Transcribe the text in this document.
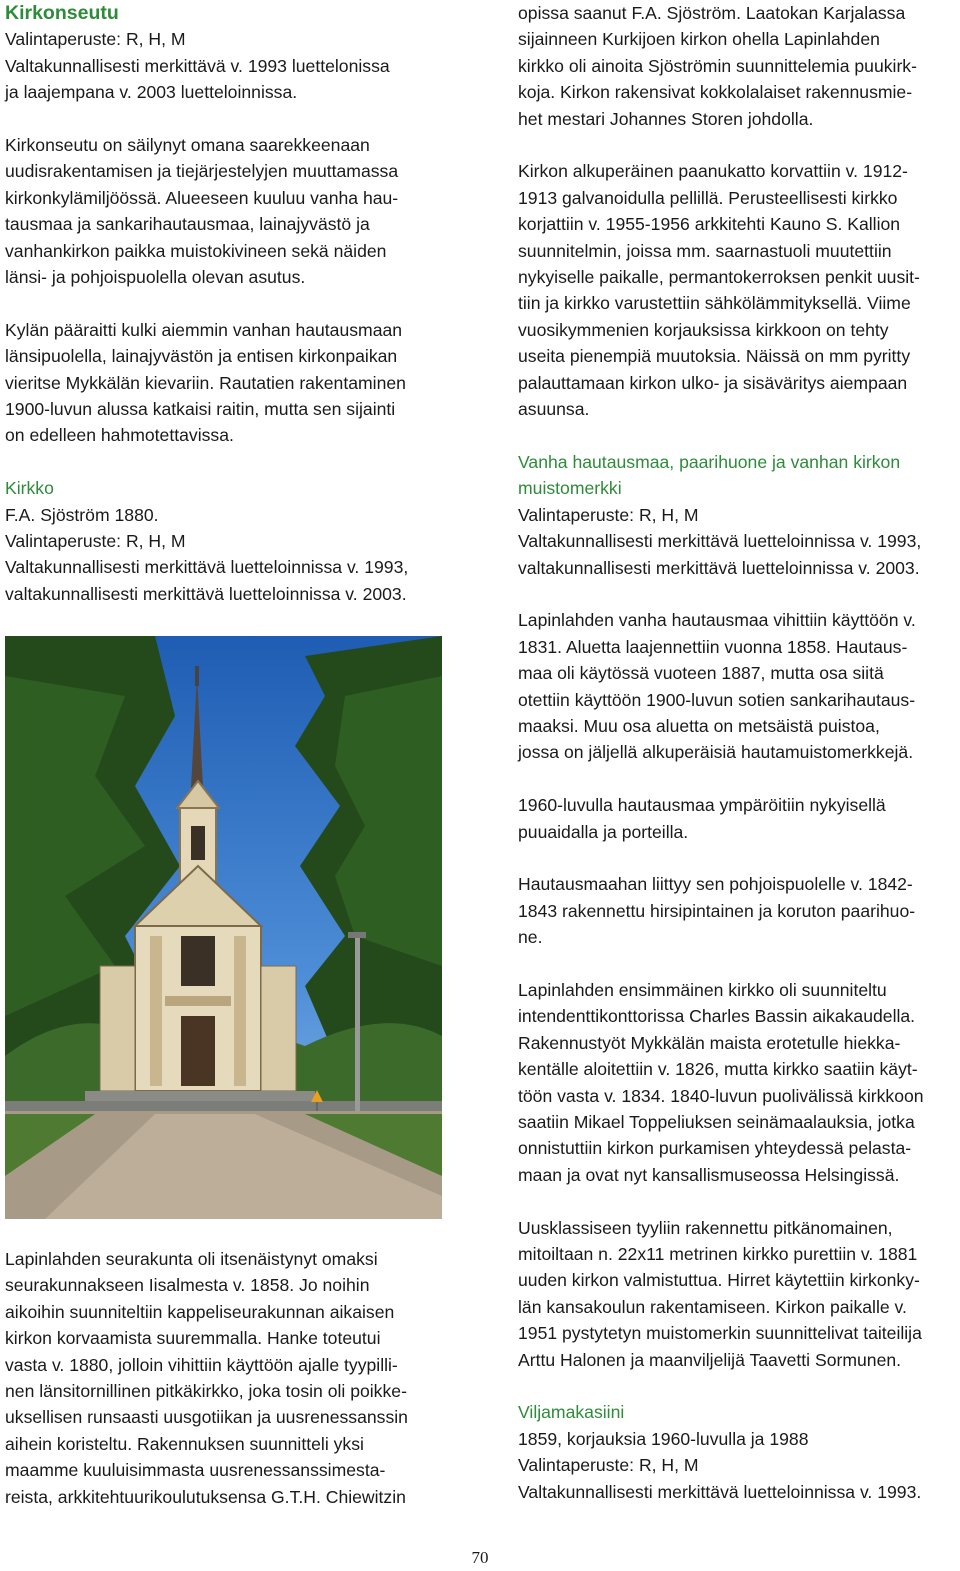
Kirkonseutu

Valintaperuste: R, H, M

Valtakunnallisesti merkittävä v. 1993 luettelonissa

ja laajempana v. 2003 luetteloinnissa.

Kirkonseutu on säilynyt omana saarekkeenaan

uudisrakentamisen ja tiejärjestelyjen muuttamassa

kirkonkylämiljöössä. Alueeseen kuuluu vanha hau-

tausmaa ja sankarihautausmaa, lainajyvästö ja

vanhankirkon paikka muistokivineen sekä näiden

länsi- ja pohjoispuolella olevan asutus.

Kylän pääraitti kulki aiemmin vanhan hautausmaan

länsipuolella, lainajyvästön ja entisen kirkonpaikan

vieritse Mykkälän kievariin. Rautatien rakentaminen

1900-luvun alussa katkaisi raitin, mutta sen sijainti

on edelleen hahmotettavissa.

Kirkko

F.A. Sjöström 1880.

Valintaperuste: R, H, M

Valtakunnallisesti merkittävä luetteloinnissa v. 1993,

valtakunnallisesti merkittävä luetteloinnissa v. 2003.

Lapinlahden seurakunta oli itsenäistynyt omaksi

seurakunnakseen Iisalmesta v. 1858. Jo noihin

aikoihin suunniteltiin kappeliseurakunnan aikaisen

kirkon korvaamista suuremmalla. Hanke toteutui

vasta v. 1880, jolloin vihittiin käyttöön ajalle tyypilli-

nen länsitornillinen pitkäkirkko, joka tosin oli poikke-

uksellisen runsaasti uusgotiikan ja uusrenessanssin

aihein koristeltu. Rakennuksen suunnitteli yksi

maamme kuuluisimmasta uusrenessanssimesta-

reista, arkkitehtuurikoulutuksensa G.T.H. Chiewitzin

opissa saanut F.A. Sjöström. Laatokan Karjalassa

sijainneen Kurkijoen kirkon ohella Lapinlahden

kirkko oli ainoita Sjöströmin suunnittelemia puukirk-

koja. Kirkon rakensivat kokkolalaiset rakennusmie-

het mestari Johannes Storen johdolla.

Kirkon alkuperäinen paanukatto korvattiin v. 1912-

1913 galvanoidulla pellillä. Perusteellisesti kirkko

korjattiin v. 1955-1956 arkkitehti Kauno S. Kallion

suunnitelmin, joissa mm. saarnastuoli muutettiin

nykyiselle paikalle, permantokerroksen penkit uusit-

tiin ja kirkko varustettiin sähkölämmityksellä. Viime

vuosikymmenien korjauksissa kirkkoon on tehty

useita pienempiä muutoksia. Näissä on mm pyritty

palauttamaan kirkon ulko- ja sisäväritys aiempaan

asuunsa.

Vanha hautausmaa, paarihuone ja vanhan kirkon

muistomerkki

Valintaperuste: R, H, M

Valtakunnallisesti merkittävä luetteloinnissa v. 1993,

valtakunnallisesti merkittävä luetteloinnissa v. 2003.

Lapinlahden vanha hautausmaa vihittiin käyttöön v.

1831. Aluetta laajennettiin vuonna 1858. Hautaus-

maa oli käytössä vuoteen 1887, mutta osa siitä

otettiin käyttöön 1900-luvun sotien sankarihautaus-

maaksi. Muu osa aluetta on metsäistä puistoa,

jossa on jäljellä alkuperäisiä hautamuistomerkkejä.

1960-luvulla hautausmaa ympäröitiin nykyisellä

puuaidalla ja porteilla.

Hautausmaahan liittyy sen pohjoispuolelle v. 1842-

1843 rakennettu hirsipintainen ja koruton paarihuo-

ne.

Lapinlahden ensimmäinen kirkko oli suunniteltu

intendenttikonttorissa Charles Bassin aikakaudella.

Rakennustyöt Mykkälän maista erotetulle hiekka-

kentälle aloitettiin v. 1826, mutta kirkko saatiin käyt-

töön vasta v. 1834. 1840-luvun puolivälissä kirkkoon

saatiin Mikael Toppeliuksen seinämaalauksia, jotka

onnistuttiin kirkon purkamisen yhteydessä pelasta-

maan ja ovat nyt kansallismuseossa Helsingissä.

Uusklassiseen tyyliin rakennettu pitkänomainen,

mitoiltaan n. 22x11 metrinen kirkko purettiin v. 1881

uuden kirkon valmistuttua. Hirret käytettiin kirkonky-

län kansakoulun rakentamiseen. Kirkon paikalle v.

1951 pystytetyn muistomerkin suunnittelivat taiteilija

Arttu Halonen ja maanviljelijä Taavetti Sormunen.

Viljamakasiini

1859, korjauksia 1960-luvulla ja 1988

Valintaperuste: R, H, M

Valtakunnallisesti merkittävä luetteloinnissa v. 1993.

70
